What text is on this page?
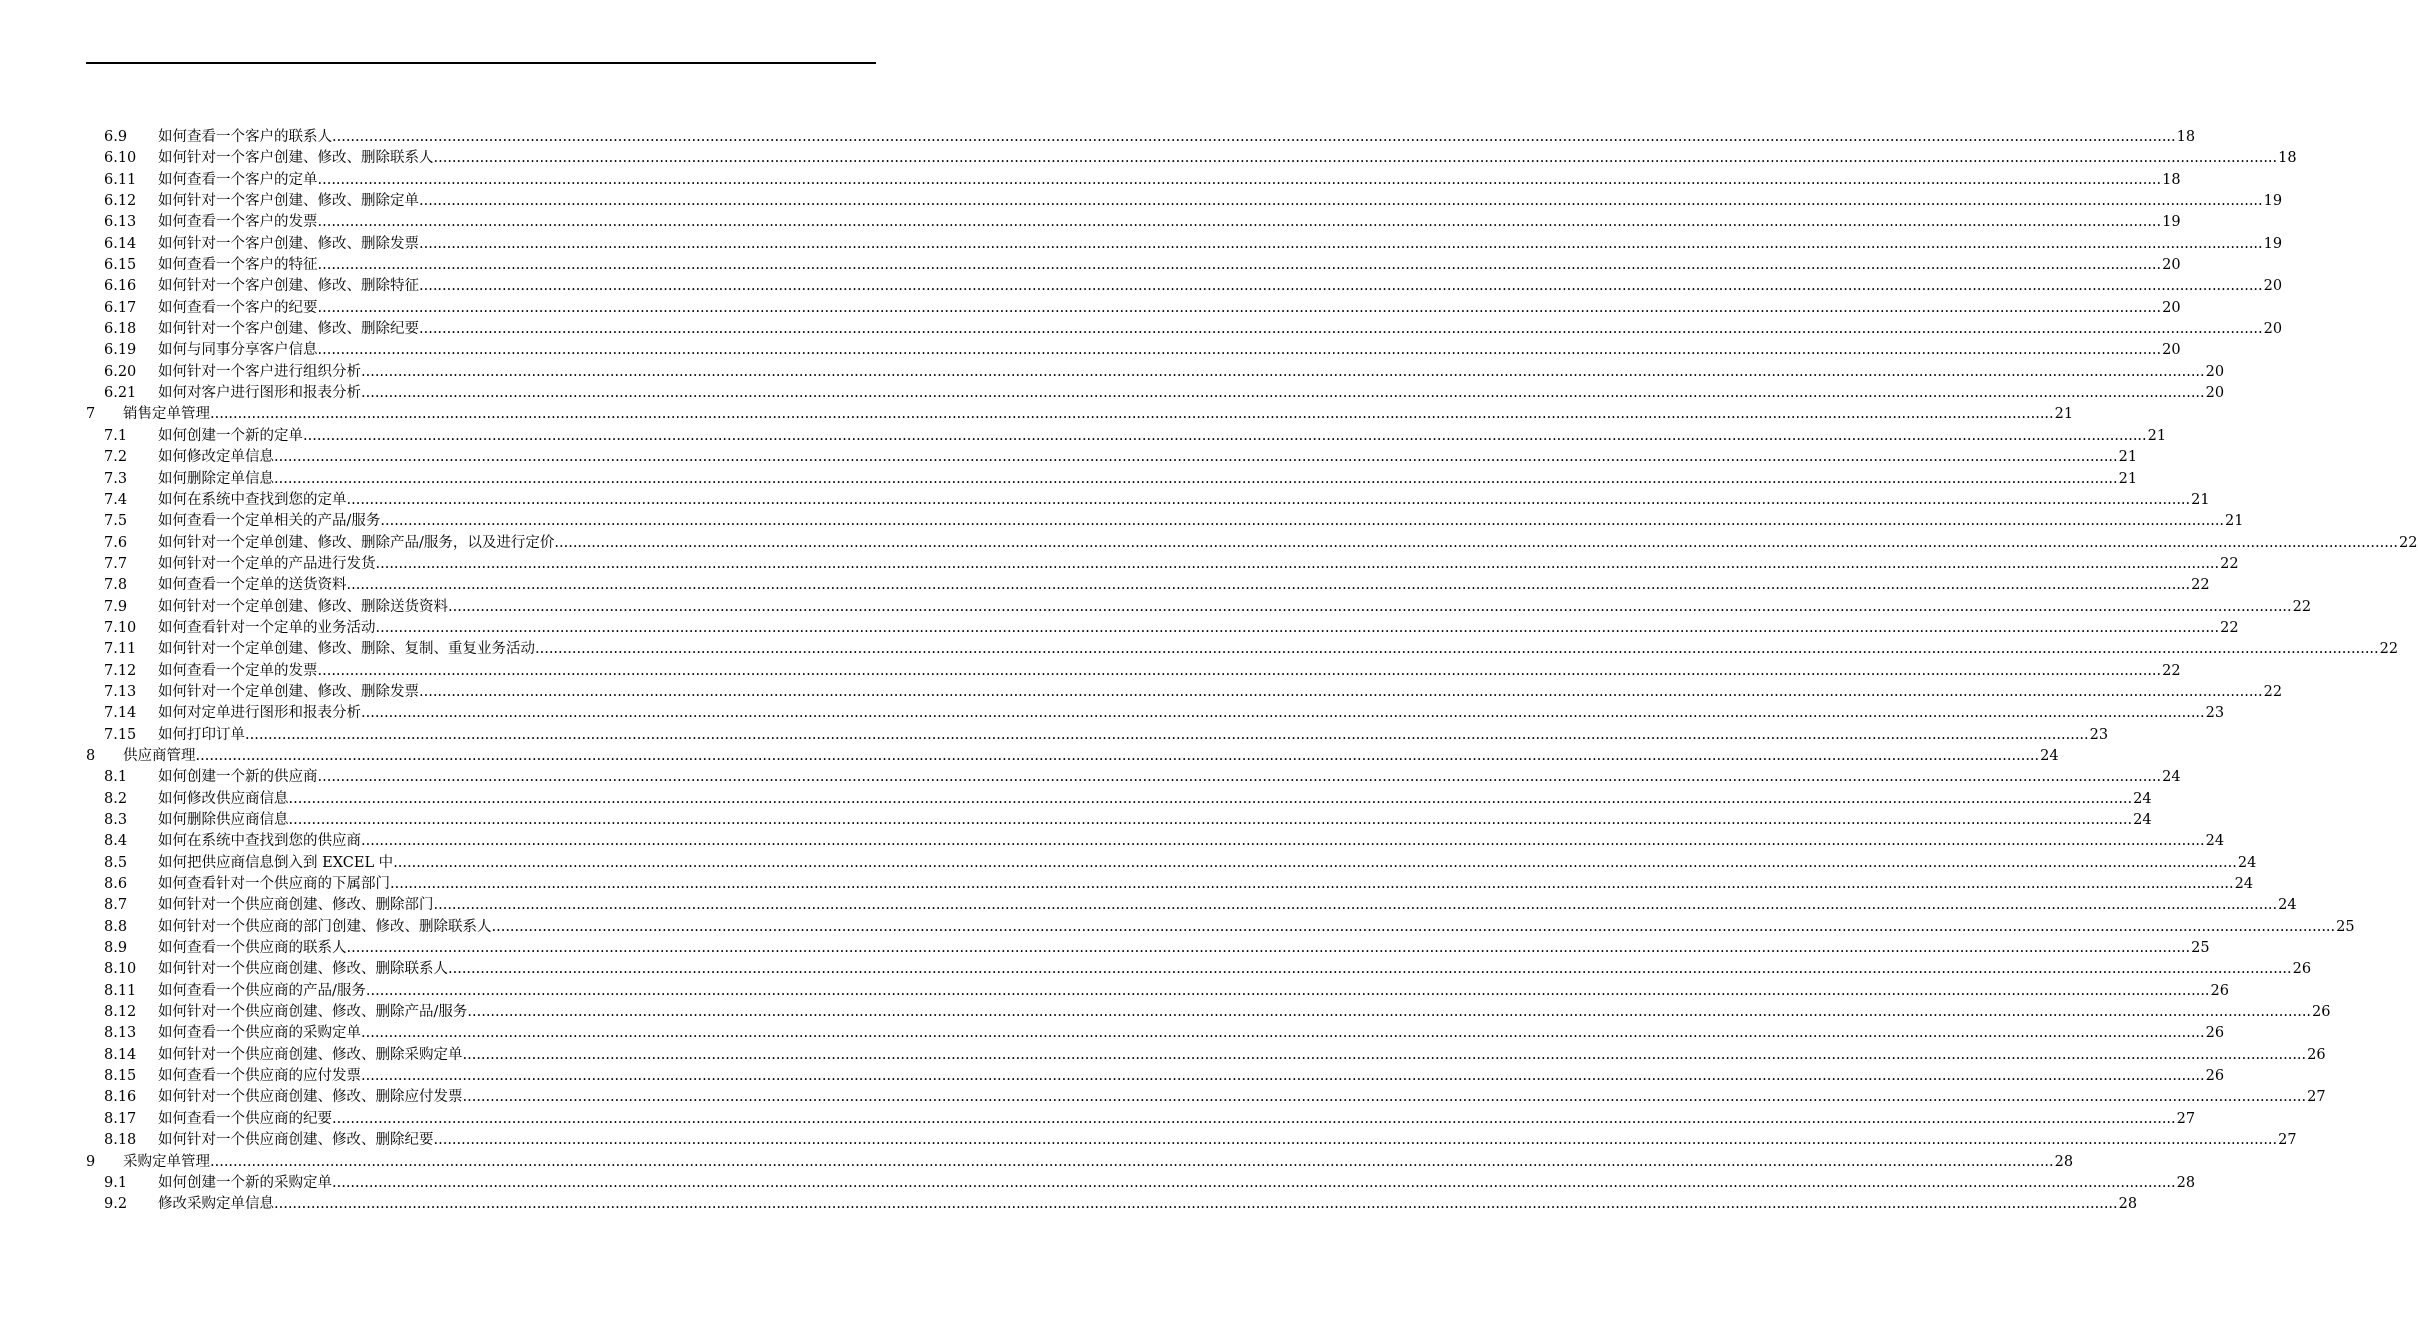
6.9 如何查看一个客户的联系人 ................................................................................................................................................................................................................................................................................................................................................................................................................ 18
6.10 如何针对一个客户创建、修改、删除联系人 ................................................................................................................................................................................................................................................................................................................................................................................................................ 18
6.11 如何查看一个客户的定单 ................................................................................................................................................................................................................................................................................................................................................................................................................ 18
6.12 如何针对一个客户创建、修改、删除定单 ................................................................................................................................................................................................................................................................................................................................................................................................................ 19
6.13 如何查看一个客户的发票 ................................................................................................................................................................................................................................................................................................................................................................................................................ 19
6.14 如何针对一个客户创建、修改、删除发票 ................................................................................................................................................................................................................................................................................................................................................................................................................ 19
6.15 如何查看一个客户的特征 ................................................................................................................................................................................................................................................................................................................................................................................................................ 20
6.16 如何针对一个客户创建、修改、删除特征 ................................................................................................................................................................................................................................................................................................................................................................................................................ 20
6.17 如何查看一个客户的纪要 ................................................................................................................................................................................................................................................................................................................................................................................................................ 20
6.18 如何针对一个客户创建、修改、删除纪要 ................................................................................................................................................................................................................................................................................................................................................................................................................ 20
6.19 如何与同事分享客户信息 ................................................................................................................................................................................................................................................................................................................................................................................................................ 20
6.20 如何针对一个客户进行组织分析 ................................................................................................................................................................................................................................................................................................................................................................................................................ 20
6.21 如何对客户进行图形和报表分析 ................................................................................................................................................................................................................................................................................................................................................................................................................ 20
7 销售定单管理 ................................................................................................................................................................................................................................................................................................................................................................................................................ 21
7.1 如何创建一个新的定单 ................................................................................................................................................................................................................................................................................................................................................................................................................ 21
7.2 如何修改定单信息 ................................................................................................................................................................................................................................................................................................................................................................................................................ 21
7.3 如何删除定单信息 ................................................................................................................................................................................................................................................................................................................................................................................................................ 21
7.4 如何在系统中查找到您的定单 ................................................................................................................................................................................................................................................................................................................................................................................................................ 21
7.5 如何查看一个定单相关的产品/服务 ................................................................................................................................................................................................................................................................................................................................................................................................................ 21
7.6 如何针对一个定单创建、修改、删除产品/服务，以及进行定价 ................................................................................................................................................................................................................................................................................................................................................................................................................ 22
7.7 如何针对一个定单的产品进行发货 ................................................................................................................................................................................................................................................................................................................................................................................................................ 22
7.8 如何查看一个定单的送货资料 ................................................................................................................................................................................................................................................................................................................................................................................................................ 22
7.9 如何针对一个定单创建、修改、删除送货资料 ................................................................................................................................................................................................................................................................................................................................................................................................................ 22
7.10 如何查看针对一个定单的业务活动 ................................................................................................................................................................................................................................................................................................................................................................................................................ 22
7.11 如何针对一个定单创建、修改、删除、复制、重复业务活动 ................................................................................................................................................................................................................................................................................................................................................................................................................ 22
7.12 如何查看一个定单的发票 ................................................................................................................................................................................................................................................................................................................................................................................................................ 22
7.13 如何针对一个定单创建、修改、删除发票 ................................................................................................................................................................................................................................................................................................................................................................................................................ 22
7.14 如何对定单进行图形和报表分析 ................................................................................................................................................................................................................................................................................................................................................................................................................ 23
7.15 如何打印订单 ................................................................................................................................................................................................................................................................................................................................................................................................................ 23
8 供应商管理 ................................................................................................................................................................................................................................................................................................................................................................................................................ 24
8.1 如何创建一个新的供应商 ................................................................................................................................................................................................................................................................................................................................................................................................................ 24
8.2 如何修改供应商信息 ................................................................................................................................................................................................................................................................................................................................................................................................................ 24
8.3 如何删除供应商信息 ................................................................................................................................................................................................................................................................................................................................................................................................................ 24
8.4 如何在系统中查找到您的供应商 ................................................................................................................................................................................................................................................................................................................................................................................................................ 24
8.5 如何把供应商信息倒入到 EXCEL 中 ................................................................................................................................................................................................................................................................................................................................................................................................................ 24
8.6 如何查看针对一个供应商的下属部门 ................................................................................................................................................................................................................................................................................................................................................................................................................ 24
8.7 如何针对一个供应商创建、修改、删除部门 ................................................................................................................................................................................................................................................................................................................................................................................................................ 24
8.8 如何针对一个供应商的部门创建、修改、删除联系人 ................................................................................................................................................................................................................................................................................................................................................................................................................ 25
8.9 如何查看一个供应商的联系人 ................................................................................................................................................................................................................................................................................................................................................................................................................ 25
8.10 如何针对一个供应商创建、修改、删除联系人 ................................................................................................................................................................................................................................................................................................................................................................................................................ 26
8.11 如何查看一个供应商的产品/服务 ................................................................................................................................................................................................................................................................................................................................................................................................................ 26
8.12 如何针对一个供应商创建、修改、删除产品/服务 ................................................................................................................................................................................................................................................................................................................................................................................................................ 26
8.13 如何查看一个供应商的采购定单 ................................................................................................................................................................................................................................................................................................................................................................................................................ 26
8.14 如何针对一个供应商创建、修改、删除采购定单 ................................................................................................................................................................................................................................................................................................................................................................................................................ 26
8.15 如何查看一个供应商的应付发票 ................................................................................................................................................................................................................................................................................................................................................................................................................ 26
8.16 如何针对一个供应商创建、修改、删除应付发票 ................................................................................................................................................................................................................................................................................................................................................................................................................ 27
8.17 如何查看一个供应商的纪要 ................................................................................................................................................................................................................................................................................................................................................................................................................ 27
8.18 如何针对一个供应商创建、修改、删除纪要 ................................................................................................................................................................................................................................................................................................................................................................................................................ 27
9 采购定单管理 ................................................................................................................................................................................................................................................................................................................................................................................................................ 28
9.1 如何创建一个新的采购定单 ................................................................................................................................................................................................................................................................................................................................................................................................................ 28
9.2 修改采购定单信息 ................................................................................................................................................................................................................................................................................................................................................................................................................ 28
